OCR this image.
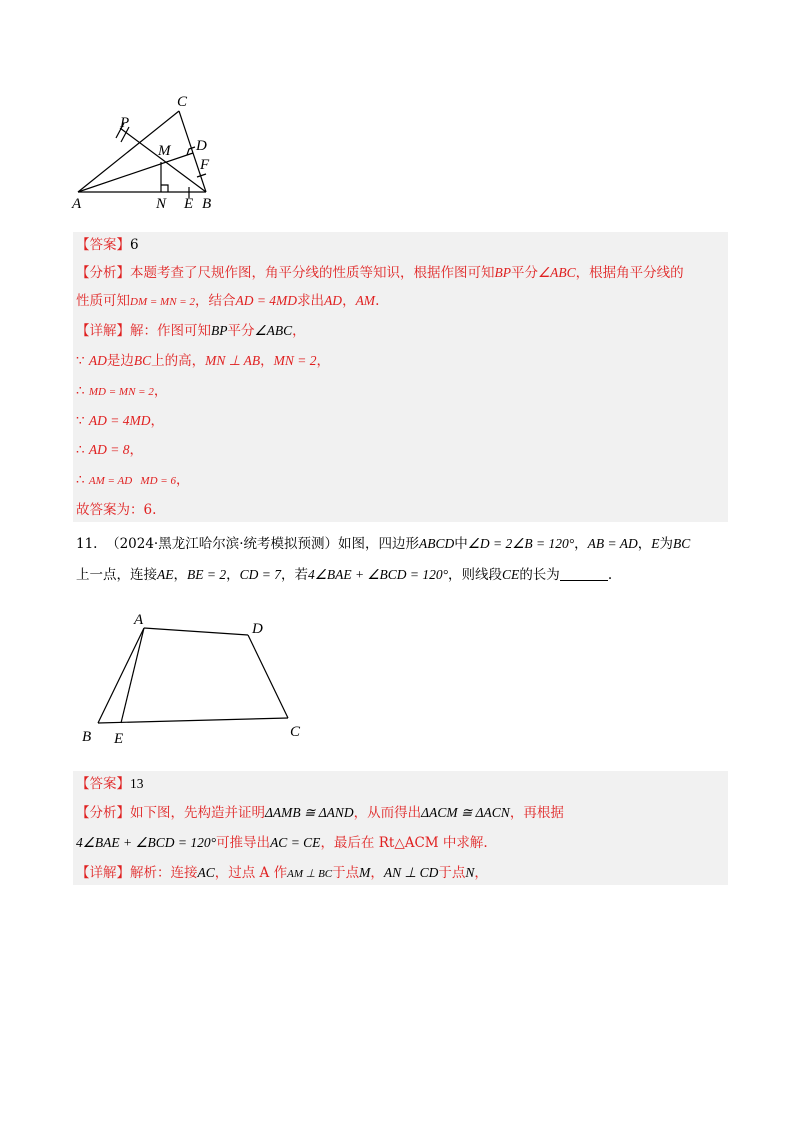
C
P
M D
F
A	N E B
【答案】6
【分析】本题考查了尺规作图，角平分线的性质等知识，根据作图可知BP平分∠ABC，根据角平分线的
性质可知DM = MN = 2，结合AD = 4MD求出AD，AM.
【详解】解：作图可知BP平分∠ABC，
∵ AD是边BC上的高，MN ⊥ AB，MN = 2，
∴ MD = MN = 2，
∵ AD = 4MD，
∴ AD = 8，
∴ AM = AD   MD = 6，
故答案为：6.
11. （2024·黑龙江哈尔滨·统考模拟预测）如图，四边形ABCD中∠D = 2∠B = 120°，AB = AD，E为BC
上一点，连接AE，BE = 2，CD = 7，若4∠BAE + ∠BCD = 120°，则线段CE的长为	.
A
D
B E	C
【答案】13
【分析】如下图，先构造并证明ΔAMB ≅ ΔAND，从而得出ΔACM ≅ ΔACN，再根据
4∠BAE + ∠BCD = 120°可推导出AC = CE，最后在 Rt△ACM 中求解.
【详解】解析：连接AC，过点 A 作AM ⊥ BC于点M，AN ⊥ CD于点N，
